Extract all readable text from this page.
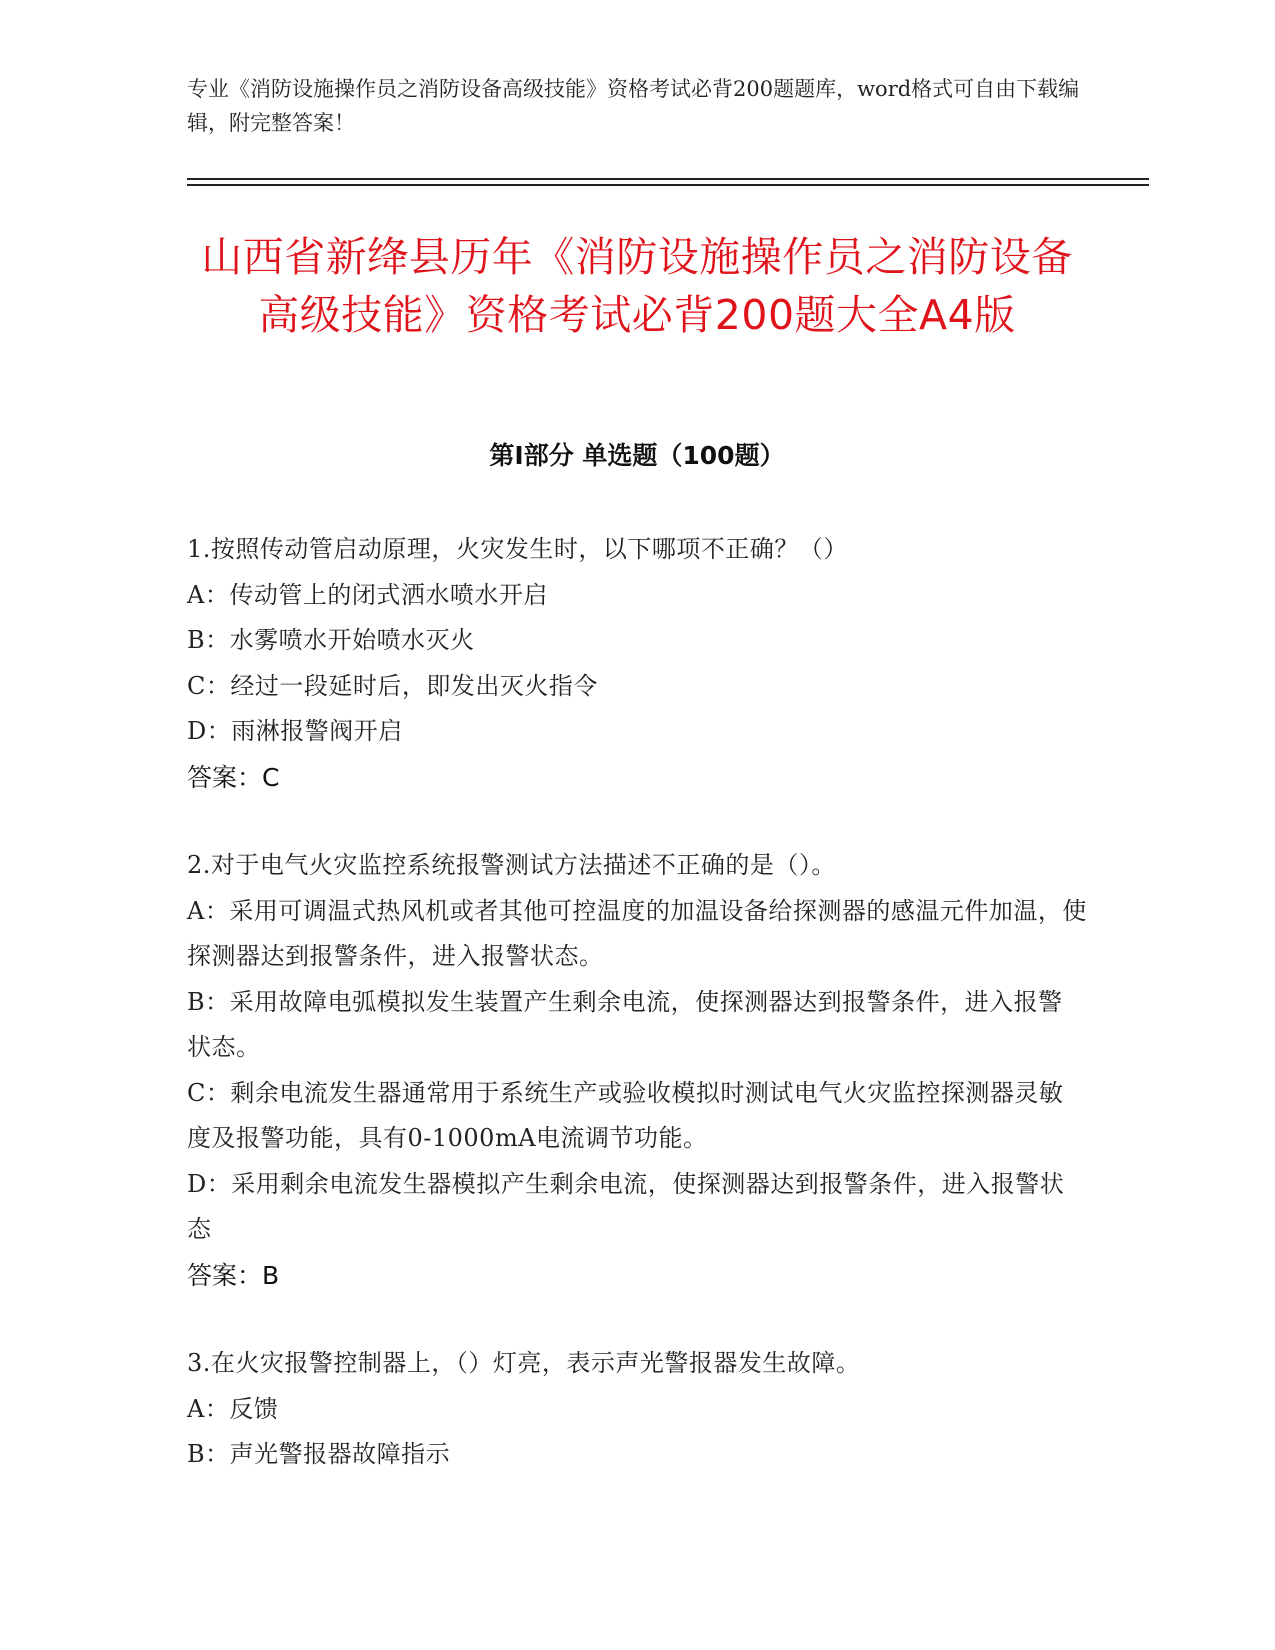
专业《消防设施操作员之消防设备高级技能》资格考试必背200题题库，word格式可自由下载编辑，附完整答案！
山西省新绛县历年《消防设施操作员之消防设备高级技能》资格考试必背200题大全A4版
第Ⅰ部分 单选题（100题）
1.按照传动管启动原理，火灾发生时，以下哪项不正确？（）
A：传动管上的闭式洒水喷水开启
B：水雾喷水开始喷水灭火
C：经过一段延时后，即发出灭火指令
D：雨淋报警阀开启
答案：C
2.对于电气火灾监控系统报警测试方法描述不正确的是（）。
A：采用可调温式热风机或者其他可控温度的加温设备给探测器的感温元件加温，使探测器达到报警条件，进入报警状态。
B：采用故障电弧模拟发生装置产生剩余电流，使探测器达到报警条件，进入报警状态。
C：剩余电流发生器通常用于系统生产或验收模拟时测试电气火灾监控探测器灵敏度及报警功能，具有0-1000mA电流调节功能。
D：采用剩余电流发生器模拟产生剩余电流，使探测器达到报警条件，进入报警状态
答案：B
3.在火灾报警控制器上，（）灯亮，表示声光警报器发生故障。
A：反馈
B：声光警报器故障指示
